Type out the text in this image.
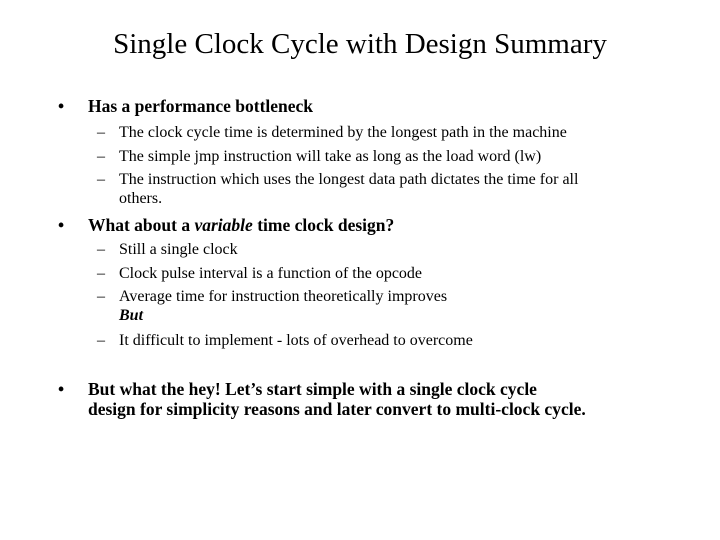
Single Clock Cycle with Design Summary
• Has a performance bottleneck
– The clock cycle time is determined by the longest path in the machine
– The simple jmp instruction will take as long as the load word (lw)
– The instruction which uses the longest data path dictates the time for all
others.
• What about a variable time clock design?
– Still a single clock
– Clock pulse interval is a function of the opcode
– Average time for instruction theoretically improves
But
– It difficult to implement - lots of overhead to overcome
• But what the hey! Let’s start simple with a single clock cycle
design for simplicity reasons and later convert to multi-clock cycle.
